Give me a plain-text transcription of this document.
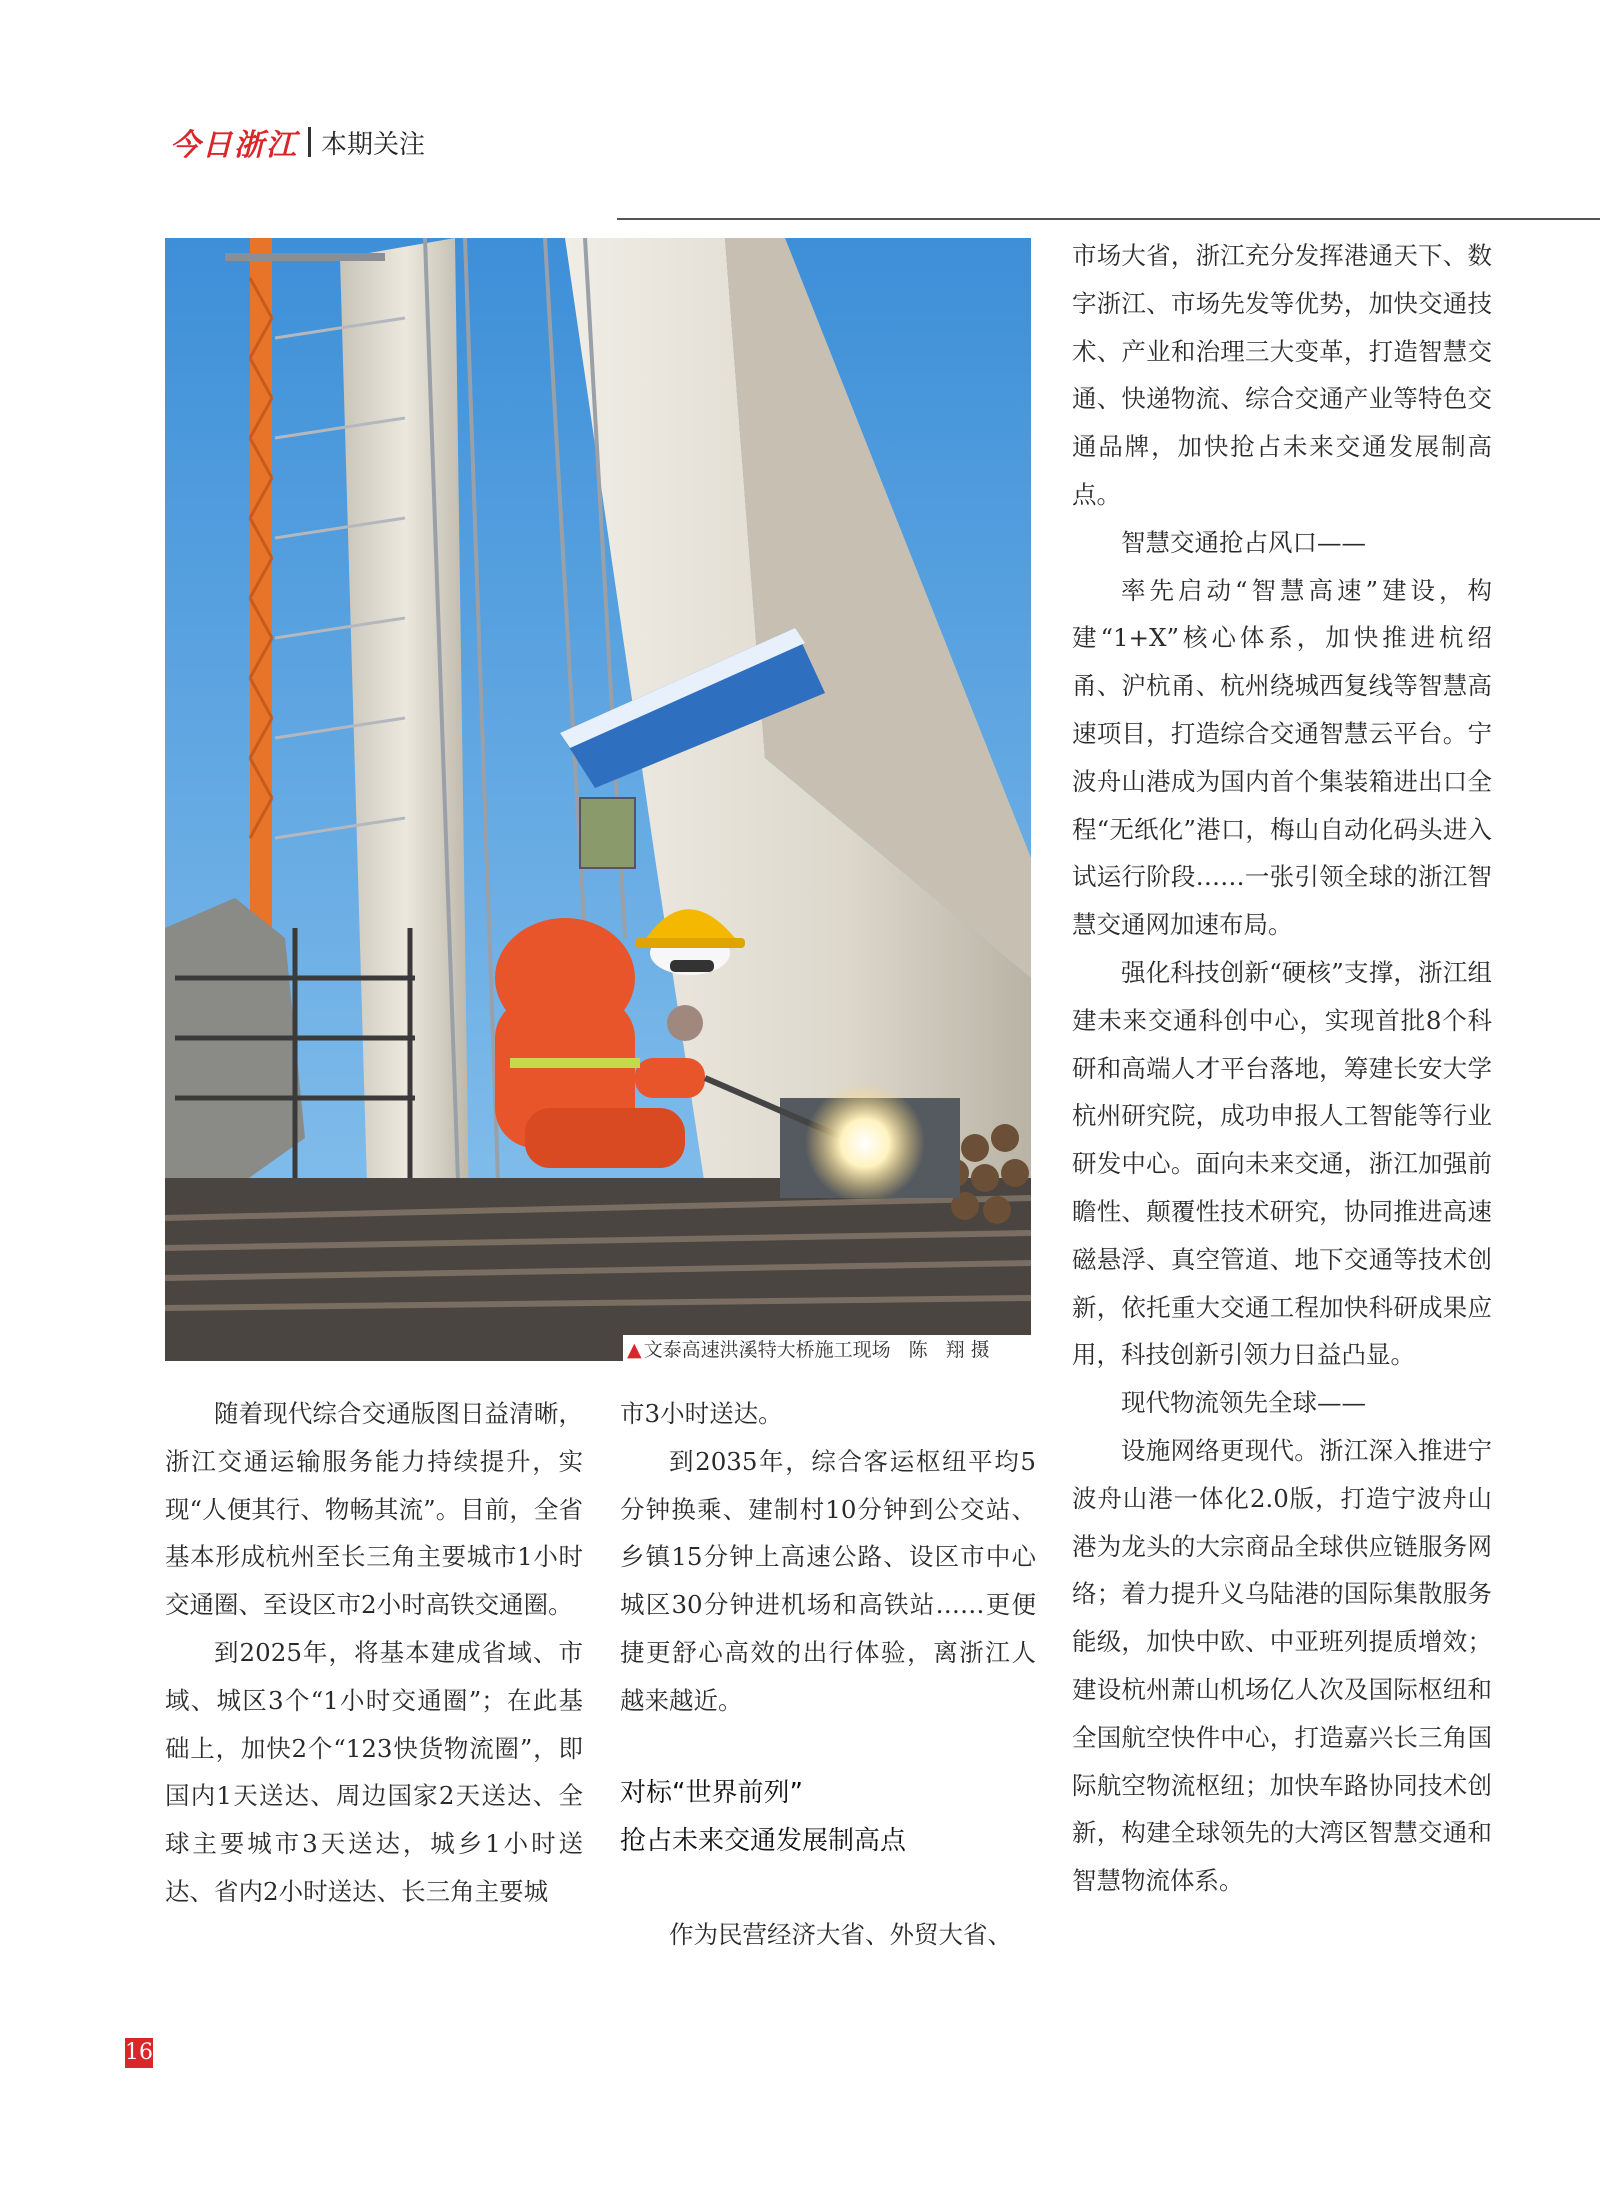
今日浙江 本期关注
▲ 文泰高速洪溪特大桥施工现场 陈 翔摄

随着现代综合交通版图日益清晰，浙江交通运输服务能力持续提升，实现“人便其行、物畅其流”。目前，全省基本形成杭州至长三角主要城市1小时交通圈、至设区市2小时高铁交通圈。

到2025年，将基本建成省域、市域、城区3个“1小时交通圈”；在此基础上，加快2个“123快货物流圈”，即国内1天送达、周边国家2天送达、全球主要城市3天送达，城乡1小时送达、省内2小时送达、长三角主要城

市3小时送达。

到2035年，综合客运枢纽平均5分钟换乘、建制村10分钟到公交站、乡镇15分钟上高速公路、设区市中心城区30分钟进机场和高铁站……更便捷更舒心高效的出行体验，离浙江人越来越近。

对标“世界前列”
抢占未来交通发展制高点

作为民营经济大省、外贸大省、

市场大省，浙江充分发挥港通天下、数字浙江、市场先发等优势，加快交通技术、产业和治理三大变革，打造智慧交通、快递物流、综合交通产业等特色交通品牌，加快抢占未来交通发展制高点。

智慧交通抢占风口——

率先启动“智慧高速”建设，构建“1+X”核心体系，加快推进杭绍甬、沪杭甬、杭州绕城西复线等智慧高速项目，打造综合交通智慧云平台。宁波舟山港成为国内首个集装箱进出口全程“无纸化”港口，梅山自动化码头进入试运行阶段……一张引领全球的浙江智慧交通网加速布局。

强化科技创新“硬核”支撑，浙江组建未来交通科创中心，实现首批8个科研和高端人才平台落地，筹建长安大学杭州研究院，成功申报人工智能等行业研发中心。面向未来交通，浙江加强前瞻性、颠覆性技术研究，协同推进高速磁悬浮、真空管道、地下交通等技术创新，依托重大交通工程加快科研成果应用，科技创新引领力日益凸显。

现代物流领先全球——

设施网络更现代。浙江深入推进宁波舟山港一体化2.0版，打造宁波舟山港为龙头的大宗商品全球供应链服务网络；着力提升义乌陆港的国际集散服务能级，加快中欧、中亚班列提质增效；建设杭州萧山机场亿人次及国际枢纽和全国航空快件中心，打造嘉兴长三角国际航空物流枢纽；加快车路协同技术创新，构建全球领先的大湾区智慧交通和智慧物流体系。

16
